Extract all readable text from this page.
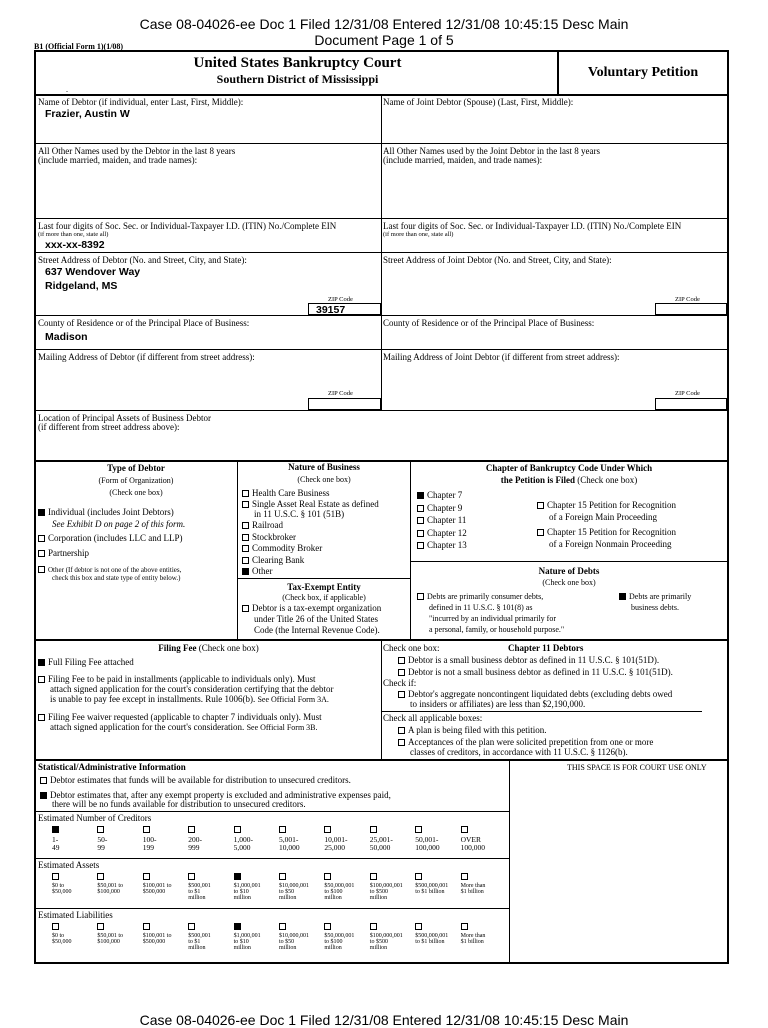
Case 08-04026-ee Doc 1 Filed 12/31/08 Entered 12/31/08 10:45:15 Desc Main
Document Page 1 of 5
B1 (Official Form 1)(1/08)
United States Bankruptcy Court
Southern District of Mississippi
.
Voluntary Petition
Name of Debtor (if individual, enter Last, First, Middle):
Frazier, Austin W
Name of Joint Debtor (Spouse) (Last, First, Middle):
All Other Names used by the Debtor in the last 8 years
(include married, maiden, and trade names):
All Other Names used by the Joint Debtor in the last 8 years
(include married, maiden, and trade names):
Last four digits of Soc. Sec. or Individual-Taxpayer I.D. (ITIN) No./Complete EIN
(if more than one, state all)
xxx-xx-8392
Last four digits of Soc. Sec. or Individual-Taxpayer I.D. (ITIN) No./Complete EIN
(if more than one, state all)
Street Address of Debtor (No. and Street, City, and State):
637 Wendover Way
Ridgeland, MS
ZIP Code
39157
Street Address of Joint Debtor (No. and Street, City, and State):
ZIP Code
County of Residence or of the Principal Place of Business:
Madison
County of Residence or of the Principal Place of Business:
Mailing Address of Debtor (if different from street address):
ZIP Code
Mailing Address of Joint Debtor (if different from street address):
ZIP Code
Location of Principal Assets of Business Debtor
(if different from street address above):
Type of Debtor
(Form of Organization)
(Check one box)
Individual (includes Joint Debtors)
See Exhibit D on page 2 of this form.
Corporation (includes LLC and LLP)
Partnership
Other (If debtor is not one of the above entities,
check this box and state type of entity below.)
Nature of Business
(Check one box)
Health Care Business
Single Asset Real Estate as defined
in 11 U.S.C. § 101 (51B)
Railroad
Stockbroker
Commodity Broker
Clearing Bank
Other
Tax-Exempt Entity
(Check box, if applicable)
Debtor is a tax-exempt organization
under Title 26 of the United States
Code (the Internal Revenue Code).
Chapter of Bankruptcy Code Under Which
the Petition is Filed (Check one box)
Chapter 7
Chapter 9
Chapter 11
Chapter 12
Chapter 13
Chapter 15 Petition for Recognition
of a Foreign Main Proceeding
Chapter 15 Petition for Recognition
of a Foreign Nonmain Proceeding
Nature of Debts
(Check one box)
Debts are primarily consumer debts,
defined in 11 U.S.C. § 101(8) as
"incurred by an individual primarily for
a personal, family, or household purpose."
Debts are primarily
business debts.
Filing Fee (Check one box)
Full Filing Fee attached
Filing Fee to be paid in installments (applicable to individuals only). Must
attach signed application for the court's consideration certifying that the debtor
is unable to pay fee except in installments. Rule 1006(b). See Official Form 3A.
Filing Fee waiver requested (applicable to chapter 7 individuals only). Must
attach signed application for the court's consideration. See Official Form 3B.
Check one box:	Chapter 11 Debtors
Debtor is a small business debtor as defined in 11 U.S.C. § 101(51D).
Debtor is not a small business debtor as defined in 11 U.S.C. § 101(51D).
Check if:
Debtor's aggregate noncontingent liquidated debts (excluding debts owed
to insiders or affiliates) are less than $2,190,000.
Check all applicable boxes:
A plan is being filed with this petition.
Acceptances of the plan were solicited prepetition from one or more
classes of creditors, in accordance with 11 U.S.C. § 1126(b).
Statistical/Administrative Information	THIS SPACE IS FOR COURT USE ONLY
Debtor estimates that funds will be available for distribution to unsecured creditors.
Debtor estimates that, after any exempt property is excluded and administrative expenses paid,
there will be no funds available for distribution to unsecured creditors.
Estimated Number of Creditors
Estimated Assets
Estimated Liabilities
Case 08-04026-ee Doc 1 Filed 12/31/08 Entered 12/31/08 10:45:15 Desc Main
1-
49
50-
99
100-
199
200-
999
1,000-
5,000
5,001-
10,000
10,001-
25,000
25,001-
50,000
50,001-
100,000
OVER
100,000
$0 to
$50,000
$50,001 to
$100,000
$100,001 to
$500,000
$500,001
to $1
million
$1,000,001
to $10
million
$10,000,001
to $50
million
$50,000,001
to $100
million
$100,000,001
to $500
million
$500,000,001
to $1 billion
More than
$1 billion
$0 to
$50,000
$50,001 to
$100,000
$100,001 to
$500,000
$500,001
to $1
million
$1,000,001
to $10
million
$10,000,001
to $50
million
$50,000,001
to $100
million
$100,000,001
to $500
million
$500,000,001
to $1 billion
More than
$1 billion
